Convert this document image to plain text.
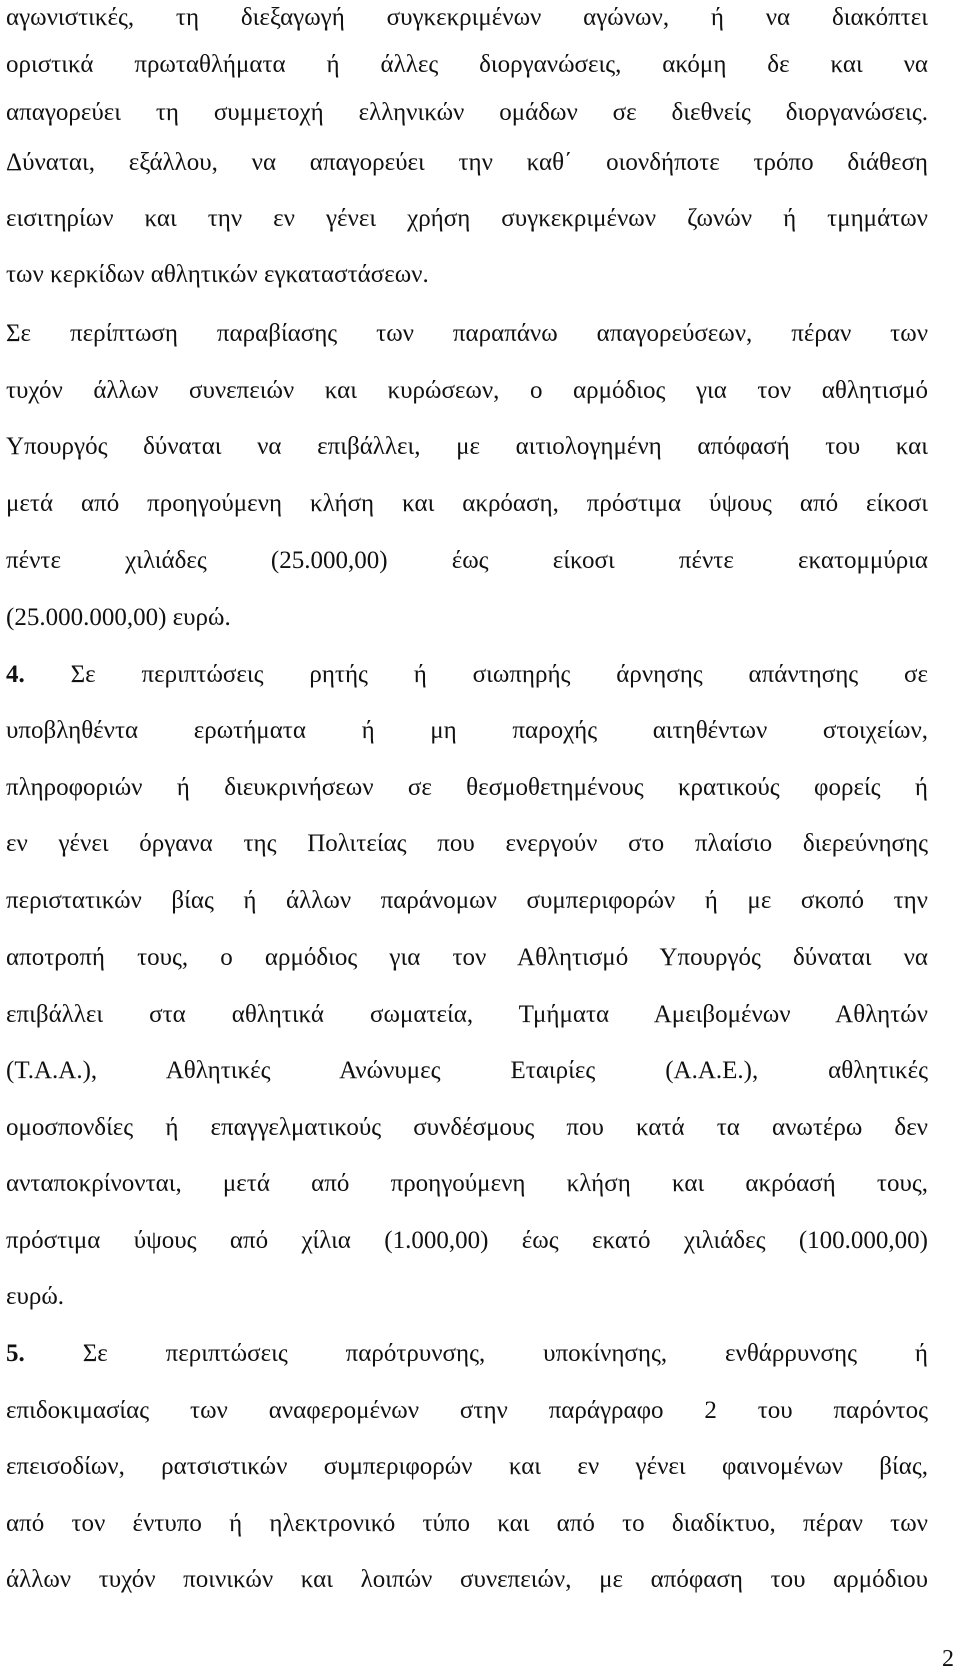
αγωνιστικές, τη διεξαγωγή συγκεκριμένων αγώνων, ή να διακόπτει
οριστικά πρωταθλήματα ή άλλες διοργανώσεις, ακόμη δε και να
απαγορεύει τη συμμετοχή ελληνικών ομάδων σε διεθνείς διοργανώσεις.
Δύναται, εξάλλου, να απαγορεύει την καθ΄ οιονδήποτε τρόπο διάθεση
εισιτηρίων και την εν γένει χρήση συγκεκριμένων ζωνών ή τμημάτων
των κερκίδων αθλητικών εγκαταστάσεων.
Σε περίπτωση παραβίασης των παραπάνω απαγορεύσεων, πέραν των
τυχόν άλλων συνεπειών και κυρώσεων, ο αρμόδιος για τον αθλητισμό
Υπουργός δύναται να επιβάλλει, με αιτιολογημένη απόφασή του και
μετά από προηγούμενη κλήση και ακρόαση, πρόστιμα ύψους από είκοσι
πέντε χιλιάδες (25.000,00) έως είκοσι πέντε εκατομμύρια
(25.000.000,00) ευρώ.
4. Σε περιπτώσεις ρητής ή σιωπηρής άρνησης απάντησης σε
υποβληθέντα ερωτήματα ή μη παροχής αιτηθέντων στοιχείων,
πληροφοριών ή διευκρινήσεων σε θεσμοθετημένους κρατικούς φορείς ή
εν γένει όργανα της Πολιτείας που ενεργούν στο πλαίσιο διερεύνησης
περιστατικών βίας ή άλλων παράνομων συμπεριφορών ή με σκοπό την
αποτροπή τους, ο αρμόδιος για τον Αθλητισμό Υπουργός δύναται να
επιβάλλει στα αθλητικά σωματεία, Τμήματα Αμειβομένων Αθλητών
(Τ.Α.Α.), Αθλητικές Ανώνυμες Εταιρίες (Α.Α.Ε.), αθλητικές
ομοσπονδίες ή επαγγελματικούς συνδέσμους που κατά τα ανωτέρω δεν
ανταποκρίνονται, μετά από προηγούμενη κλήση και ακρόασή τους,
πρόστιμα ύψους από χίλια (1.000,00) έως εκατό χιλιάδες (100.000,00)
ευρώ.
5. Σε περιπτώσεις παρότρυνσης, υποκίνησης, ενθάρρυνσης ή
επιδοκιμασίας των αναφερομένων στην παράγραφο 2 του παρόντος
επεισοδίων, ρατσιστικών συμπεριφορών και εν γένει φαινομένων βίας,
από τον έντυπο ή ηλεκτρονικό τύπο και από το διαδίκτυο, πέραν των
άλλων τυχόν ποινικών και λοιπών συνεπειών, με απόφαση του αρμόδιου
2
